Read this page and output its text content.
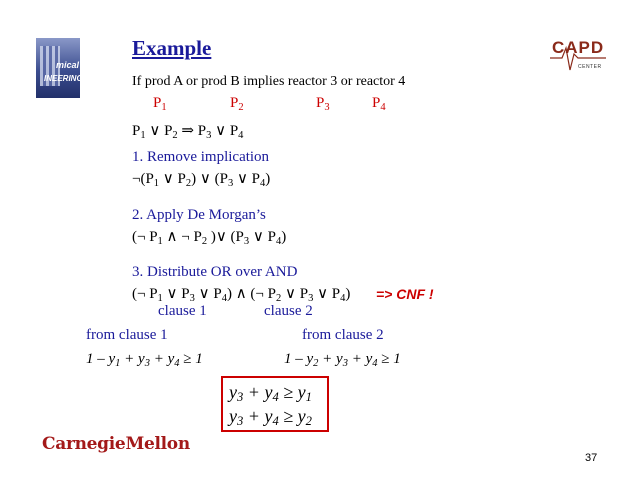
mical
INEERING
CAPD
CENTER
Example
If prod A or prod B implies reactor 3 or reactor 4
$P_1$	$P_2$	$P_3$	$P_4$
$P_1$ ∨ $P_2$ ⇒ $P_3$ ∨ $P_4$
1. Remove implication
$\neg(P_1$ ∨ $P_2$) ∨ ($P_3$ ∨ $P_4$)
2. Apply De Morgan’s
(¬ $P_1$ ∧ ¬ $P_2$ )∨ ($P_3$ ∨ $P_4$)
3. Distribute OR over AND
(¬ $P_1$ ∨ $P_3$ ∨ $P_4$) ∧ (¬ $P_2$ ∨ $P_3$ ∨ $P_4$) => CNF !
clause 1	clause 2
from clause 1	from clause 2
$1 - y_1 + y_3 + y_4 \ge 1$	$1 - y_2 + y_3 + y_4 \ge 1$
$y_3 + y_4 \ge y_1$
$y_3 + y_4 \ge y_2$
CarnegieMellon
37
